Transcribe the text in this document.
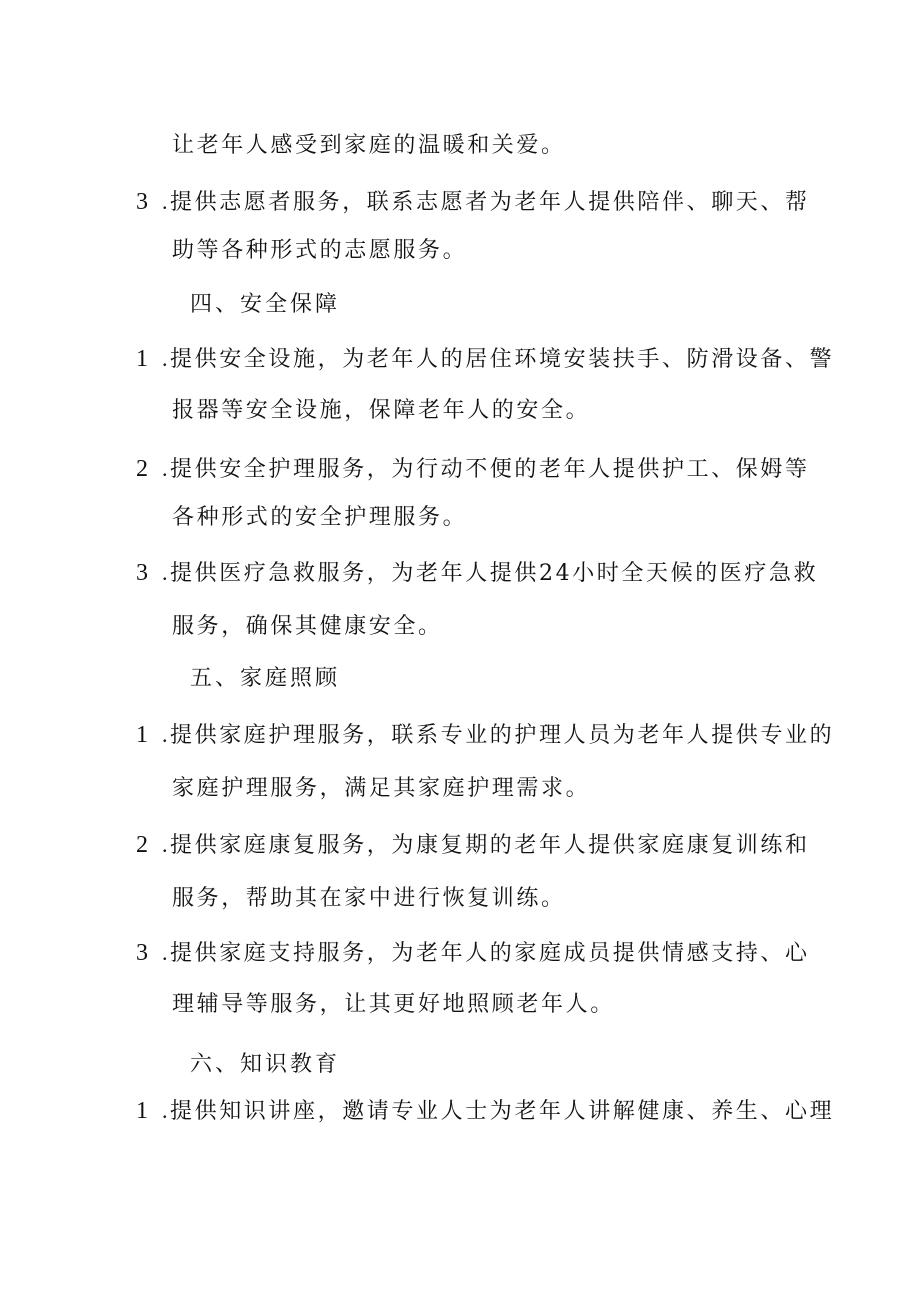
让老年人感受到家庭的温暖和关爱。
3 . 提供志愿者服务，联系志愿者为老年人提供陪伴、聊天、帮
助等各种形式的志愿服务。
四、安全保障
1 . 提供安全设施，为老年人的居住环境安装扶手、防滑设备、警
报器等安全设施，保障老年人的安全。
2 . 提供安全护理服务，为行动不便的老年人提供护工、保姆等
各种形式的安全护理服务。
3 . 提供医疗急救服务，为老年人提供24小时全天候的医疗急救
服务，确保其健康安全。
五、家庭照顾
1 . 提供家庭护理服务，联系专业的护理人员为老年人提供专业的
家庭护理服务，满足其家庭护理需求。
2 . 提供家庭康复服务，为康复期的老年人提供家庭康复训练和
服务，帮助其在家中进行恢复训练。
3 . 提供家庭支持服务，为老年人的家庭成员提供情感支持、心
理辅导等服务，让其更好地照顾老年人。
六、知识教育
1 . 提供知识讲座，邀请专业人士为老年人讲解健康、养生、心理
